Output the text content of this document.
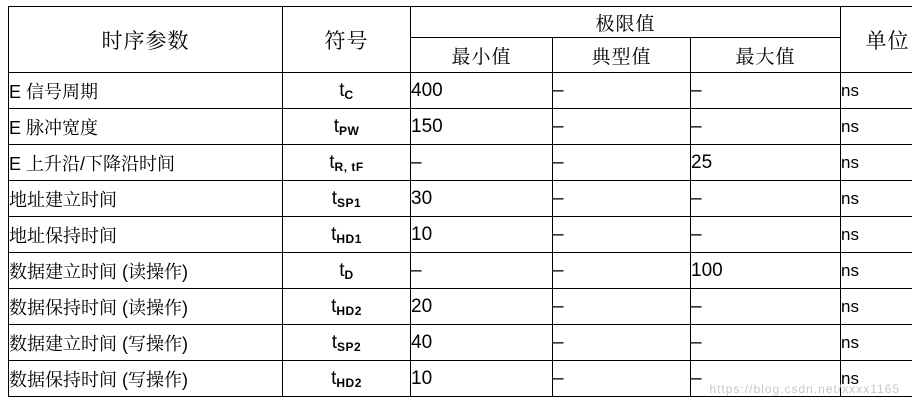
时序参数	符号	极限值			单位
		最小值	典型值	最大值	
E 信号周期	$t_C$	400	–	–	ns
E 脉冲宽度	$t_{PW}$	150	–	–	ns
E 上升沿/下降沿时间	$t_{R, tF}$	–	–	25	ns
地址建立时间	$t_{SP1}$	30	–	–	ns
地址保持时间	$t_{HD1}$	10	–	–	ns
数据建立时间 (读操作)	$t_D$	–	–	100	ns
数据保持时间 (读操作)	$t_{HD2}$	20	–	–	ns
数据建立时间 (写操作)	$t_{SP2}$	40	–	–	ns
数据保持时间 (写操作)	$t_{HD2}$	10	–	–	ns
https://blog.csdn.net/xxxx1165
